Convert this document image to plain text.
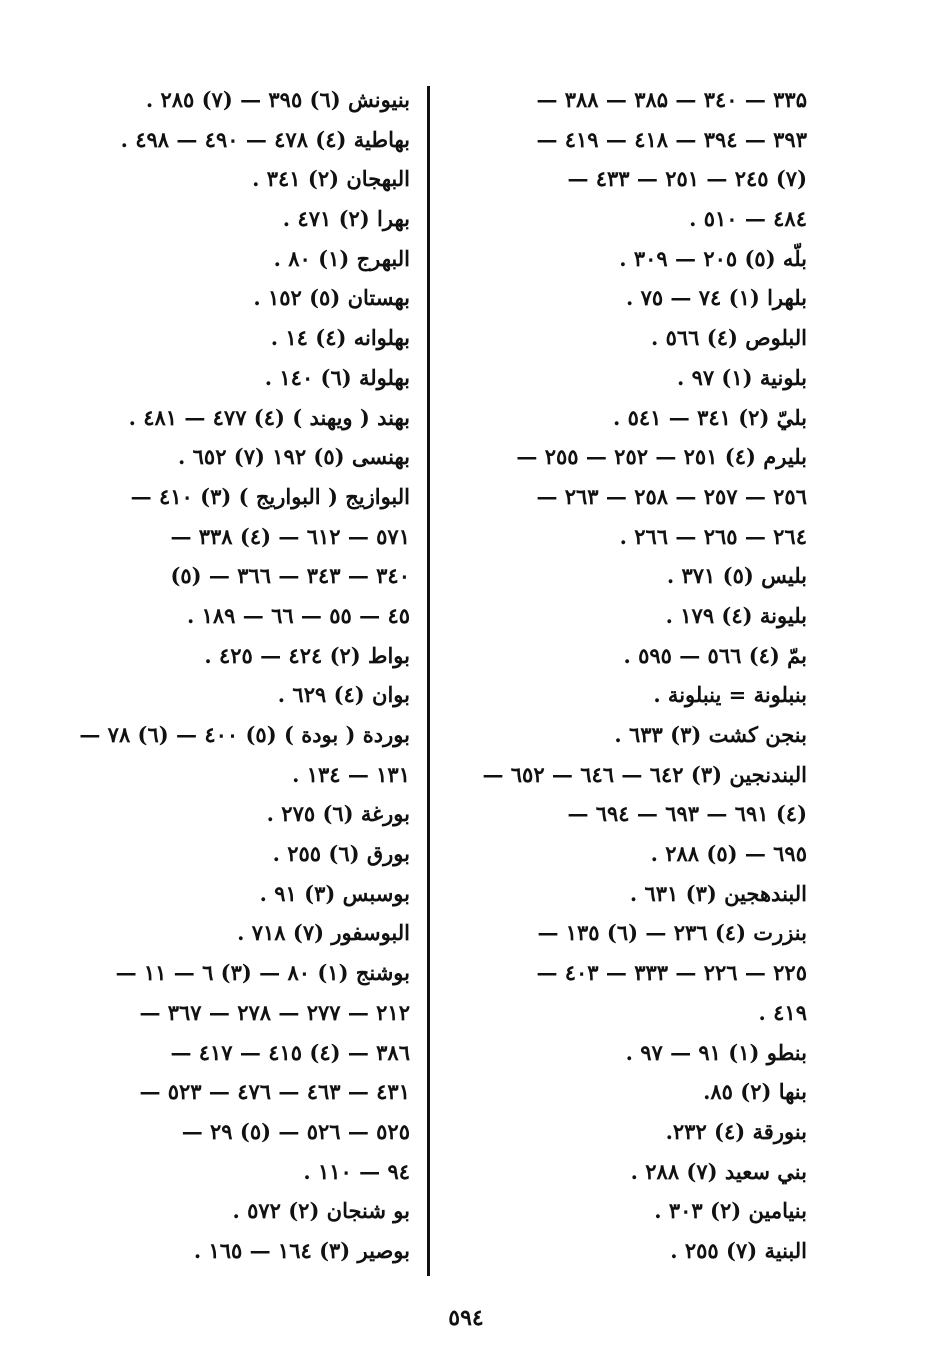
۳۳۵ — ۳٤۰ — ۳۸۵ — ۳۸۸ —
۳۹۳ — ۳۹٤ — ٤۱۸ — ٤۱۹ —
(۷) ۲٤٥ — ۲٥۱ — ٤۳۳ —
٤۸٤ — ٥۱۰ .
بلّه (٥) ۲۰٥ — ۳۰۹ .
بلهرا (۱) ۷٤ — ۷٥ .
البلوص (٤) ٥٦٦ .
بلونية (۱) ۹۷ .
بليّ (۲) ۳٤۱ — ٥٤۱ .
بليرم (٤) ۲٥۱ — ۲٥۲ — ۲٥٥ —
۲٥٦ — ۲٥۷ — ۲٥۸ — ۲٦۳ —
۲٦٤ — ۲٦٥ — ۲٦٦ .
بليس (٥) ۳۷۱ .
بليونة (٤) ۱۷۹ .
بمّ (٤) ٥٦٦ — ٥۹٥ .
بنبلونة = ينبلونة .
بنجن كشت (۳) ٦۳۳ .
البندنجين (۳) ٦٤۲ — ٦٤٦ — ٦٥۲ —
(٤) ٦۹۱ — ٦۹۳ — ٦۹٤ —
٦۹٥ — (٥) ۲۸۸ .
البندهجين (۳) ٦۳۱ .
بنزرت (٤) ۲۳٦ — (٦) ۱۳٥ —
۲۲٥ — ۲۲٦ — ۳۳۳ — ٤۰۳ —
٤۱۹ .
بنطو (۱) ۹۱ — ۹۷ .
بنها (۲) ۸٥.
بنورقة (٤) ۲۳۲.
بني سعيد (۷) ۲۸۸ .
بنيامين (۲) ۳۰۳ .
البنية (۷) ۲٥٥ .
بنيونش (٦) ۳۹٥ — (۷) ۲۸٥ .
بهاطية (٤) ٤۷۸ — ٤۹۰ — ٤۹۸ .
البهجان (۲) ۳٤۱ .
بهرا (۲) ٤۷۱ .
البهرج (۱) ۸۰ .
بهستان (٥) ۱٥۲ .
بهلوانه (٤) ۱٤ .
بهلولة (٦) ۱٤۰ .
بهند ( ويهند ) (٤) ٤۷۷ — ٤۸۱ .
بهنسى (٥) ۱۹۲ (۷) ٦٥۲ .
البوازيج ( البواريج ) (۳) ٤۱۰ —
٥۷۱ — ٦۱۲ — (٤) ۳۳۸ —
۳٤۰ — ۳٤۳ — ۳٦٦ — (٥)
٤٥ — ٥٥ — ٦٦ — ۱۸۹ .
بواط (۲) ٤۲٤ — ٤۲٥ .
بوان (٤) ٦۲۹ .
بوردة ( بودة ) (٥) ٤۰۰ — (٦) ۷۸ —
۱۳۱ — ۱۳٤ .
بورغة (٦) ۲۷٥ .
بورق (٦) ۲٥٥ .
بوسبس (۳) ۹۱ .
البوسفور (۷) ۷۱۸ .
بوشنج (۱) ۸۰ — (۳) ٦ — ۱۱ —
۲۱۲ — ۲۷۷ — ۲۷۸ — ۳٦۷ —
۳۸٦ — (٤) ٤۱٥ — ٤۱۷ —
٤۳۱ — ٤٦۳ — ٤۷٦ — ٥۲۳ —
٥۲٥ — ٥۲٦ — (٥) ۲۹ —
۹٤ — ۱۱۰ .
بو شنجان (۲) ٥۷۲ .
بوصير (۳) ۱٦٤ — ۱٦٥ .
٥۹٤
